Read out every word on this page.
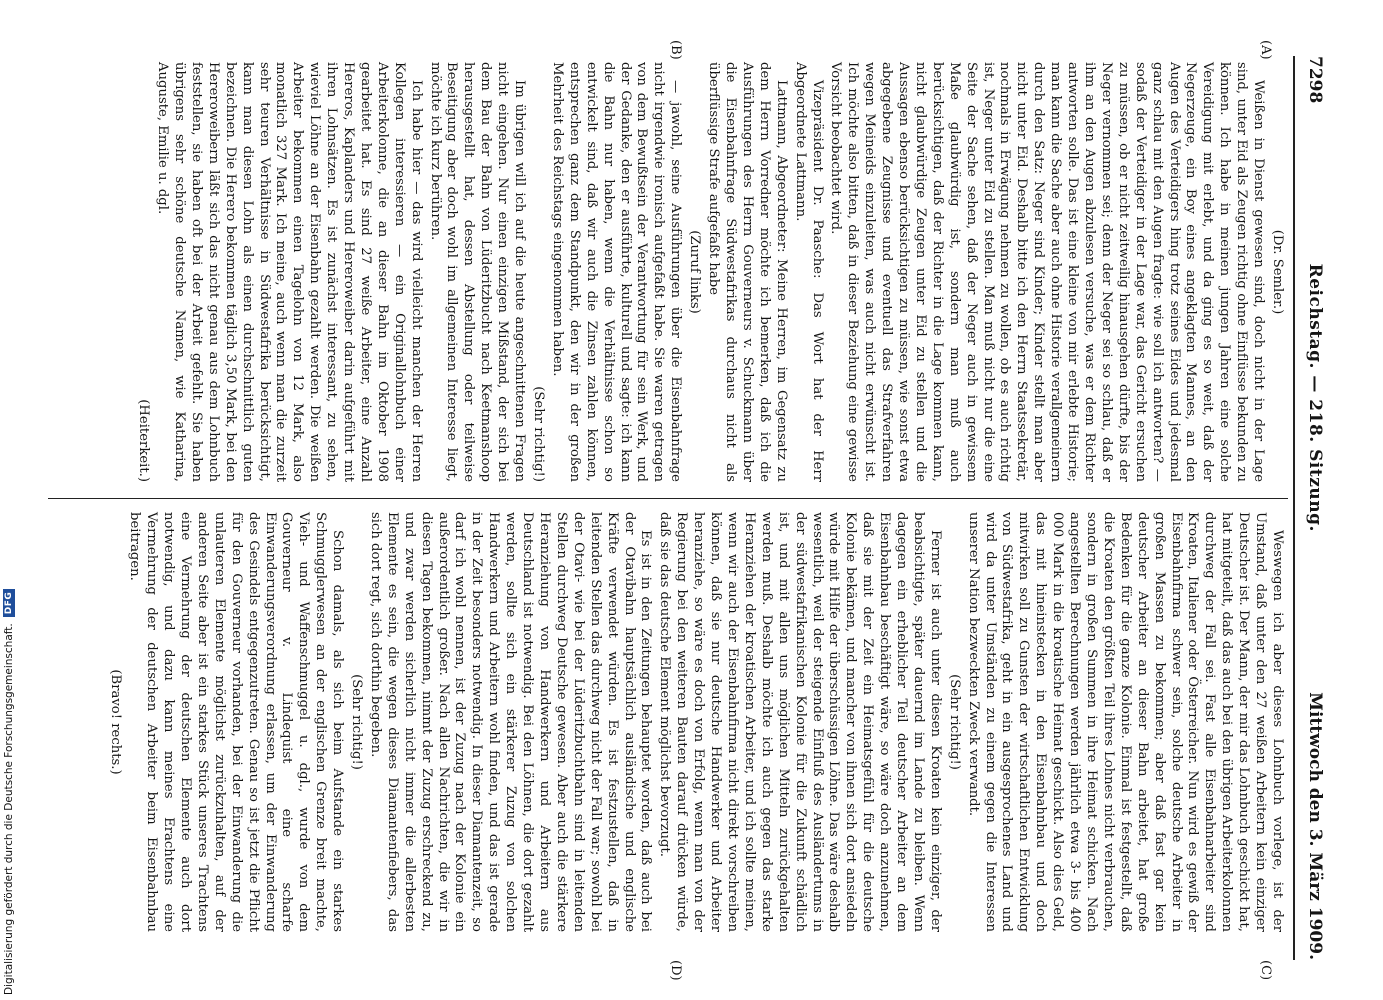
7298
Reichstag. — 218. Sitzung.
Mittwoch den 3. März 1909.
(A)
(B)
(C)
(D)

(Dr. Semler.)

Weißen in Dienst gewesen sind, doch nicht in der Lage sind, unter Eid als Zeugen richtig ohne Einflüsse bekunden zu können. Ich habe in meinen jungen Jahren eine solche Vereidigung mit erlebt, und da ging es so weit, daß der Negerzeuge, ein Boy eines angeklagten Mannes, an den Augen des Verteidigers hing trotz seines Eides und jedesmal ganz schlau mit den Augen fragte: wie soll ich antworten? — sodaß der Verteidiger in der Lage war, das Gericht ersuchen zu müssen, ob er nicht zeitweilig hinausgehen dürfte, bis der Neger vernommen sei; denn der Neger sei so schlau, daß er ihm an den Augen abzulesen versuche, was er dem Richter antworten solle. Das ist eine kleine von mir erlebte Historie; man kann die Sache aber auch ohne Historie verallgemeinern durch den Satz: Neger sind Kinder; Kinder stellt man aber nicht unter Eid. Deshalb bitte ich den Herrn Staatssekretär, nochmals in Erwägung nehmen zu wollen, ob es auch richtig ist, Neger unter Eid zu stellen. Man muß nicht nur die eine Seite der Sache sehen, daß der Neger auch in gewissem Maße glaubwürdig ist, sondern man muß auch berücksichtigen, daß der Richter in die Lage kommen kann, nicht glaubwürdige Zeugen unter Eid zu stellen und die Aussagen ebenso berücksichtigen zu müssen, wie sonst etwa abgegebene Zeugnisse und eventuell das Strafverfahren wegen Meineids einzuleiten, was auch nicht erwünscht ist. Ich möchte also bitten, daß in dieser Beziehung eine gewisse Vorsicht beobachtet wird.

Vizepräsident Dr. Paasche: Das Wort hat der Herr Abgeordnete Lattmann.

Lattmann, Abgeordneter: Meine Herren, im Gegensatz zu dem Herrn Vorredner möchte ich bemerken, daß ich die Ausführungen des Herrn Gouverneurs v. Schuckmann über die Eisenbahnfrage Südwestafrikas durchaus nicht als überflüssige Strafe aufgefaßt habe

(Zuruf links)

— jawohl, seine Ausführungen über die Eisenbahnfrage nicht irgendwie ironisch aufgefaßt habe. Sie waren getragen von dem Bewußtsein der Verantwortung für sein Werk, und der Gedanke, den er ausführte, kulturell und sagte: ich kann die Bahn nur haben, wenn die Verhältnisse schon so entwickelt sind, daß wir auch die Zinsen zahlen können, entsprechen ganz dem Standpunkt, den wir in der großen Mehrheit des Reichstags eingenommen haben.

(Sehr richtig!)

Im übrigen will ich auf die heute angeschnittenen Fragen nicht eingehen. Nur einen einzigen Mißstand, der sich bei dem Bau der Bahn von Lüderitzbucht nach Keetmanshoop herausgestellt hat, dessen Abstellung oder teilweise Beseitigung aber doch wohl im allgemeinen Interesse liegt, möchte ich kurz berühren.

Ich habe hier — das wird vielleicht manchen der Herren Kollegen interessieren — ein Originallohnbuch einer Arbeiterkolonne, die an dieser Bahn im Oktober 1908 gearbeitet hat. Es sind 27 weiße Arbeiter, eine Anzahl Hereros, Kaplanders und Hereroweiber darin aufgeführt mit ihren Lohnsätzen. Es ist zunächst interessant, zu sehen, wieviel Löhne an der Eisenbahn gezahlt werden. Die weißen Arbeiter bekommen einen Tagelohn von 12 Mark, also monatlich 327 Mark. Ich meine, auch wenn man die zurzeit sehr teuren Verhältnisse in Südwestafrika berücksichtigt, kann man diesen Lohn als einen durchschnittlich guten bezeichnen. Die Herero bekommen täglich 3,50 Mark, bei den Hereroweibern läßt sich das nicht genau aus dem Lohnbuch feststellen, sie haben oft bei der Arbeit gefehlt. Sie haben übrigens sehr schöne deutsche Namen, wie Katharina, Auguste, Emilie u. dgl.

(Heiterkeit.)

Weswegen ich aber dieses Lohnbuch vorlege, ist der Umstand, daß unter den 27 weißen Arbeitern kein einziger Deutscher ist. Der Mann, der mir das Lohnbuch geschickt hat, hat mitgeteilt, daß das auch bei den übrigen Arbeiterkolonnen durchweg der Fall sei. Fast alle Eisenbahnarbeiter sind Kroaten, Italiener oder Österreicher. Nun wird es gewiß der Eisenbahnfirma schwer sein, solche deutsche Arbeiter in großen Massen zu bekommen; aber daß fast gar kein deutscher Arbeiter an dieser Bahn arbeitet, hat große Bedenken für die ganze Kolonie. Einmal ist festgestellt, daß die Kroaten den größten Teil ihres Lohnes nicht verbrauchen, sondern in großen Summen in ihre Heimat schicken. Nach angestellten Berechnungen werden jährlich etwa 3- bis 400 000 Mark in die kroatische Heimat geschickt. Also dies Geld, das mit hineinstecken in den Eisenbahnbau und doch mitwirken soll zu Gunsten der wirtschaftlichen Entwicklung von Südwestafrika, geht in ein ausgesprochenes Land und wird da unter Umständen zu einem gegen die Interessen unserer Nation bezweckten Zweck verwandt.

(Sehr richtig!)

Ferner ist auch unter diesen Kroaten kein einziger, der beabsichtigte, später dauernd im Lande zu bleiben. Wenn dagegen ein erheblicher Teil deutscher Arbeiter an dem Eisenbahnbau beschäftigt wäre, so wäre doch anzunehmen, daß sie mit der Zeit ein Heimatsgefühl für die deutsche Kolonie bekämen, und mancher von ihnen sich dort ansiedeln würde mit Hilfe der überschüssigen Löhne. Das wäre deshalb wesentlich, weil der steigende Einfluß des Ausländertums in der südwestafrikanischen Kolonie für die Zukunft schädlich ist, und mit allen uns möglichen Mitteln zurückgehalten werden muß. Deshalb möchte ich auch gegen das starke Heranziehen der kroatischen Arbeiter, und ich sollte meinen, wenn wir auch der Eisenbahnfirma nicht direkt vorschreiben können, daß sie nur deutsche Handwerker und Arbeiter heranziehe, so wäre es doch von Erfolg, wenn man von der Regierung bei den weiteren Bauten darauf drücken würde, daß sie das deutsche Element möglichst bevorzugt.

Es ist in den Zeitungen behauptet worden, daß auch bei der Otavibahn hauptsächlich ausländische und englische Kräfte verwendet würden. Es ist festzustellen, daß in leitenden Stellen das durchweg nicht der Fall war; sowohl bei der Otavi- wie bei der Lüderitzbuchtbahn sind in leitenden Stellen durchweg Deutsche gewesen. Aber auch die stärkere Heranziehung von Handwerkern und Arbeitern aus Deutschland ist notwendig. Bei den Löhnen, die dort gezahlt werden, sollte sich ein stärkerer Zuzug von solchen Handwerkern und Arbeitern wohl finden, und das ist gerade in der Zeit besonders notwendig. In dieser Diamantenzeit, so darf ich wohl nennen, ist der Zuzug nach der Kolonie ein außerordentlich großer. Nach allen Nachrichten, die wir in diesen Tagen bekommen, nimmt der Zuzug erschreckend zu, und zwar werden sicherlich nicht immer die allerbesten Elemente es sein, die wegen dieses Diamantenfiebers, das sich dort regt, sich dorthin begeben.

(Sehr richtig!)

Schon damals, als sich beim Aufstande ein starkes Schmugglerwesen an der englischen Grenze breit machte, Vieh- und Waffenschmuggel u. dgl., wurde von dem Gouverneur v. Lindequist eine scharfe Einwanderungsverordnung erlassen, um der Einwanderung des Gesindels entgegenzutreten. Genau so ist jetzt die Pflicht für den Gouverneur vorhanden, bei der Einwanderung die unlauteren Elemente möglichst zurückzuhalten, auf der anderen Seite aber ist ein starkes Stück unseres Trachtens eine Vermehrung der deutschen Elemente auch dort notwendig, und dazu kann meines Erachtens eine Vermehrung der deutschen Arbeiter beim Eisenbahnbau beitragen.

(Bravo! rechts.)

Digitalisierung gefördert durch die Deutsche Forschungsgemeinschaft.
DFG
